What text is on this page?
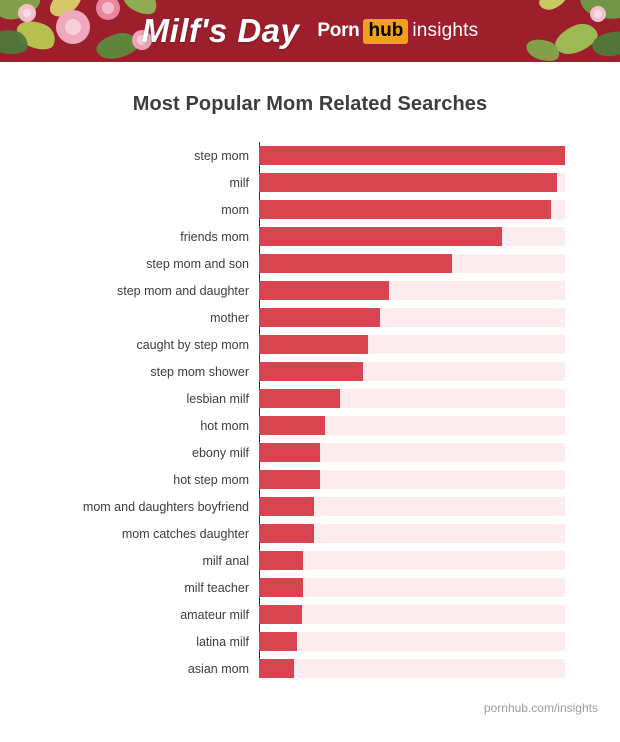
Milf's Day Porn hub insights
Most Popular Mom Related Searches
step mom
milf
mom
friends mom
step mom and son
step mom and daughter
mother
caught by step mom
step mom shower
lesbian milf
hot mom
ebony milf
hot step mom
mom and daughters boyfriend
mom catches daughter
milf anal
milf teacher
amateur milf
latina milf
asian mom
pornhub.com/insights
